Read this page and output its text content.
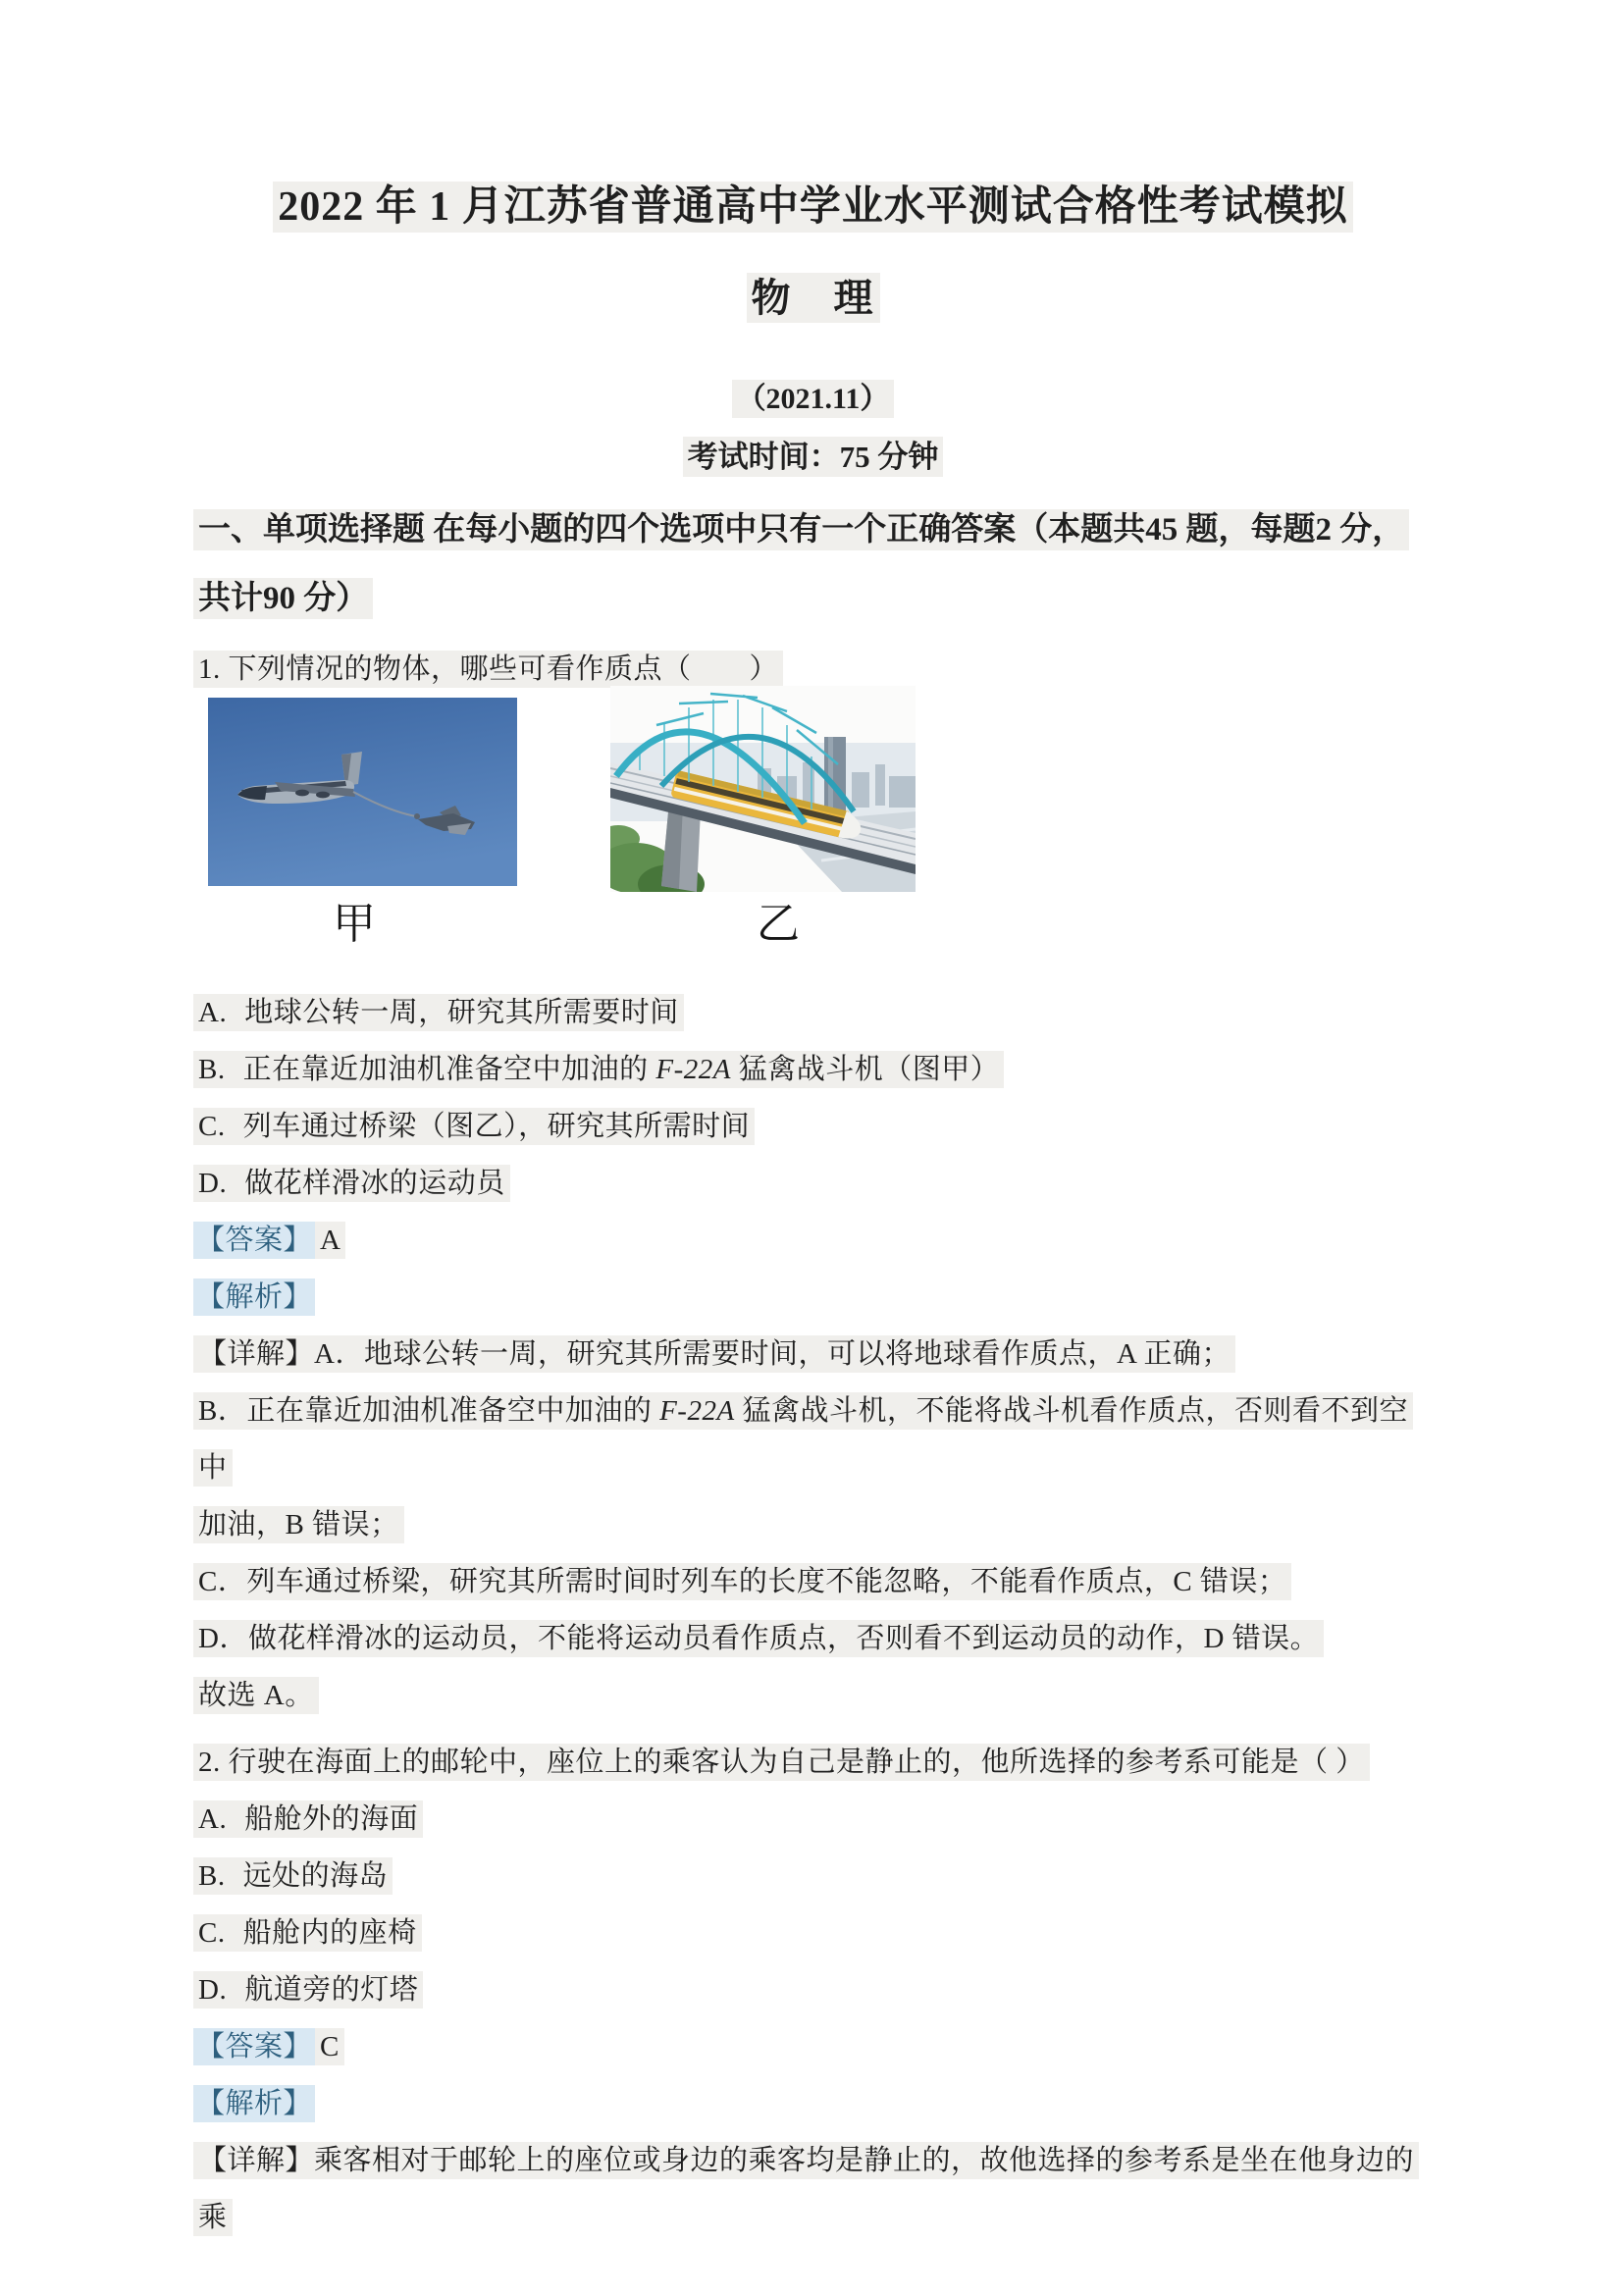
2022 年 1 月江苏省普通高中学业水平测试合格性考试模拟
物　理
（2021.11）
考试时间：75 分钟
一、单项选择题 在每小题的四个选项中只有一个正确答案（本题共45 题，每题2 分，
共计90 分）
1. 下列情况的物体，哪些可看作质点（　　）
甲	乙
A. 地球公转一周，研究其所需要时间
B. 正在靠近加油机准备空中加油的 F-22A 猛禽战斗机（图甲）
C. 列车通过桥梁（图乙），研究其所需时间
D. 做花样滑冰的运动员
【答案】 A
【解析】
【详解】A．地球公转一周，研究其所需要时间，可以将地球看作质点，A 正确；
B．正在靠近加油机准备空中加油的 F-22A 猛禽战斗机，不能将战斗机看作质点，否则看不到空中
加油，B 错误；
C．列车通过桥梁，研究其所需时间时列车的长度不能忽略，不能看作质点，C 错误；
D．做花样滑冰的运动员，不能将运动员看作质点，否则看不到运动员的动作，D 错误。
故选 A。
2. 行驶在海面上的邮轮中，座位上的乘客认为自己是静止的，他所选择的参考系可能是（ ）
A. 船舱外的海面
B. 远处的海岛
C. 船舱内的座椅
D. 航道旁的灯塔
【答案】 C
【解析】
【详解】乘客相对于邮轮上的座位或身边的乘客均是静止的，故他选择的参考系是坐在他身边的乘
